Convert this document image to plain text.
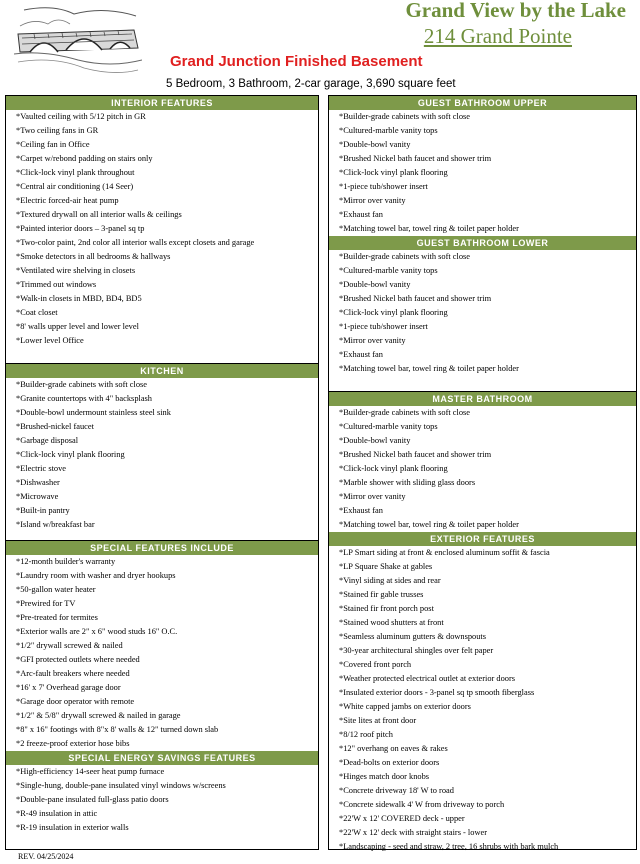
Grand View by the Lake
214 Grand Pointe
Grand Junction Finished Basement
5 Bedroom, 3 Bathroom, 2-car garage, 3,690 square feet
INTERIOR FEATURES
*Vaulted ceiling with 5/12 pitch in GR
*Two ceiling fans in GR
*Ceiling fan in Office
*Carpet w/rebond padding on stairs only
*Click-lock vinyl plank throughout
*Central air conditioning (14 Seer)
*Electric forced-air heat pump
*Textured drywall on all interior walls & ceilings
*Painted interior doors – 3-panel sq tp
*Two-color paint, 2nd color all interior walls except closets and garage
*Smoke detectors in all bedrooms & hallways
*Ventilated wire shelving in closets
*Trimmed out windows
*Walk-in closets in MBD, BD4, BD5
*Coat closet
*8' walls upper level and lower level
*Lower level Office
KITCHEN
*Builder-grade cabinets with soft close
*Granite countertops with 4" backsplash
*Double-bowl undermount stainless steel sink
*Brushed-nickel faucet
*Garbage disposal
*Click-lock vinyl plank flooring
*Electric stove
*Dishwasher
*Microwave
*Built-in pantry
*Island w/breakfast bar
SPECIAL FEATURES INCLUDE
*12-month builder's warranty
*Laundry room with washer and dryer hookups
*50-gallon water heater
*Prewired for TV
*Pre-treated for termites
*Exterior walls are 2" x 6" wood studs 16" O.C.
*1/2" drywall screwed & nailed
*GFI protected outlets where needed
*Arc-fault breakers where needed
*16' x 7' Overhead garage door
*Garage door operator with remote
*1/2" & 5/8" drywall screwed & nailed in garage
*8" x 16" footings with 8"x 8' walls & 12" turned down slab
*2 freeze-proof exterior hose bibs
SPECIAL ENERGY SAVINGS FEATURES
*High-efficiency 14-seer heat pump furnace
*Single-hung, double-pane insulated vinyl windows w/screens
*Double-pane insulated full-glass patio doors
*R-49 insulation in attic
*R-19 insulation in exterior walls
GUEST BATHROOM UPPER
*Builder-grade cabinets with soft close
*Cultured-marble vanity tops
*Double-bowl vanity
*Brushed Nickel bath faucet and shower trim
*Click-lock vinyl plank flooring
*1-piece tub/shower insert
*Mirror over vanity
*Exhaust fan
*Matching towel bar, towel ring & toilet paper holder
GUEST BATHROOM LOWER
*Builder-grade cabinets with soft close
*Cultured-marble vanity tops
*Double-bowl vanity
*Brushed Nickel bath faucet and shower trim
*Click-lock vinyl plank flooring
*1-piece tub/shower insert
*Mirror over vanity
*Exhaust fan
*Matching towel bar, towel ring & toilet paper holder
MASTER BATHROOM
*Builder-grade cabinets with soft close
*Cultured-marble vanity tops
*Double-bowl vanity
*Brushed Nickel bath faucet and shower trim
*Click-lock vinyl plank flooring
*Marble shower with sliding glass doors
*Mirror over vanity
*Exhaust fan
*Matching towel bar, towel ring & toilet paper holder
EXTERIOR FEATURES
*LP Smart siding at front & enclosed aluminum soffit & fascia
*LP Square Shake at gables
*Vinyl siding at sides and rear
*Stained fir gable trusses
*Stained fir front porch post
*Stained wood shutters at front
*Seamless aluminum gutters & downspouts
*30-year architectural shingles over felt paper
*Covered front porch
*Weather protected electrical outlet at exterior doors
*Insulated exterior doors - 3-panel sq tp smooth fiberglass
*White capped jambs on exterior doors
*Site lites at front door
*8/12 roof pitch
*12" overhang on eaves & rakes
*Dead-bolts on exterior doors
*Hinges match door knobs
*Concrete driveway 18' W to road
*Concrete sidewalk 4' W from driveway to porch
*22'W x 12' COVERED deck - upper
*22'W x 12' deck with straight stairs - lower
*Landscaping - seed and straw, 2 tree, 16 shrubs with bark mulch
REV. 04/25/2024
